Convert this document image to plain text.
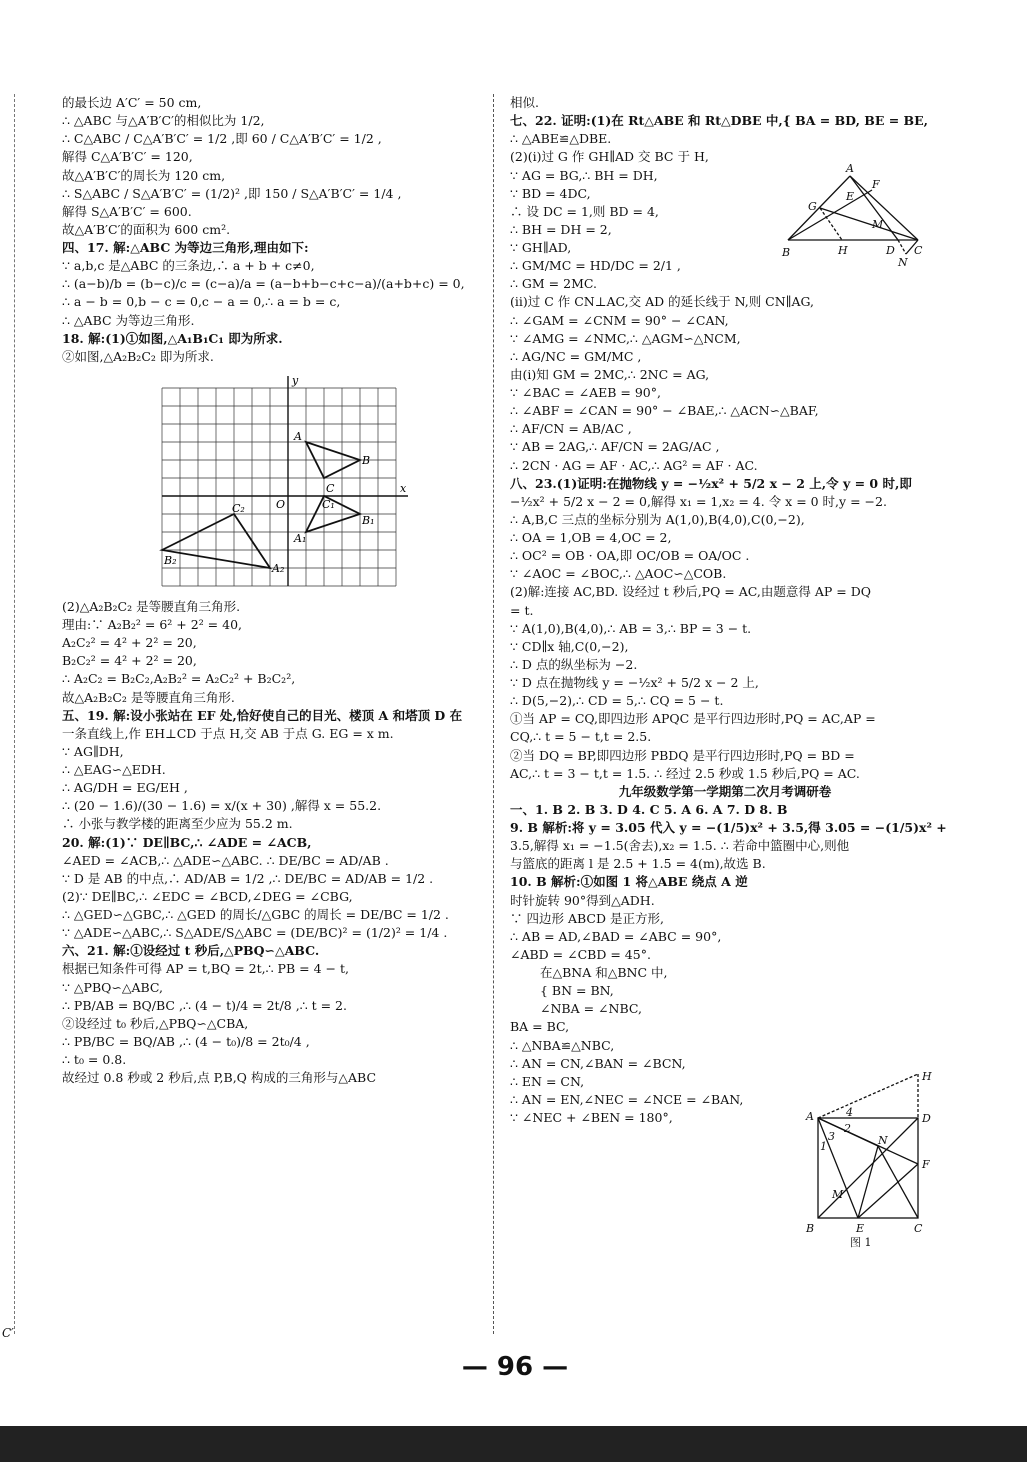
C′
的最长边 A′C′ = 50 cm,
∴ △ABC 与△A′B′C′的相似比为 1/2,
∴ C△ABC / C△A′B′C′ = 1/2 ,即 60 / C△A′B′C′ = 1/2 ,
解得 C△A′B′C′ = 120,
故△A′B′C′的周长为 120 cm,
∴ S△ABC / S△A′B′C′ = (1/2)² ,即 150 / S△A′B′C′ = 1/4 ,
解得 S△A′B′C′ = 600.
故△A′B′C′的面积为 600 cm².
四、17. 解:△ABC 为等边三角形,理由如下:
∵ a,b,c 是△ABC 的三条边,∴ a + b + c≠0,
∴ (a−b)/b = (b−c)/c = (c−a)/a = (a−b+b−c+c−a)/(a+b+c) = 0,
∴ a − b = 0,b − c = 0,c − a = 0,∴ a = b = c,
∴ △ABC 为等边三角形.
18. 解:(1)①如图,△A₁B₁C₁ 即为所求.
②如图,△A₂B₂C₂ 即为所求.
y
x
O
A
B
C
C₁
A₁
B₁
C₂
B₂
A₂
(2)△A₂B₂C₂ 是等腰直角三角形.
理由:∵ A₂B₂² = 6² + 2² = 40,
A₂C₂² = 4² + 2² = 20,
B₂C₂² = 4² + 2² = 20,
∴ A₂C₂ = B₂C₂,A₂B₂² = A₂C₂² + B₂C₂²,
故△A₂B₂C₂ 是等腰直角三角形.
五、19. 解:设小张站在 EF 处,恰好使自己的目光、楼顶 A 和塔顶 D 在
一条直线上,作 EH⊥CD 于点 H,交 AB 于点 G. EG = x m.
∵ AG∥DH,
∴ △EAG∽△EDH.
∴ AG/DH = EG/EH ,
∴ (20 − 1.6)/(30 − 1.6) = x/(x + 30) ,解得 x = 55.2.
∴ 小张与教学楼的距离至少应为 55.2 m.
20. 解:(1)∵ DE∥BC,∴ ∠ADE = ∠ACB,
∠AED = ∠ACB,∴ △ADE∽△ABC. ∴ DE/BC = AD/AB .
∵ D 是 AB 的中点,∴ AD/AB = 1/2 ,∴ DE/BC = AD/AB = 1/2 .
(2)∵ DE∥BC,∴ ∠EDC = ∠BCD,∠DEG = ∠CBG,
∴ △GED∽△GBC,∴ △GED 的周长/△GBC 的周长 = DE/BC = 1/2 .
∵ △ADE∽△ABC,∴ S△ADE/S△ABC = (DE/BC)² = (1/2)² = 1/4 .
六、21. 解:①设经过 t 秒后,△PBQ∽△ABC.
根据已知条件可得 AP = t,BQ = 2t,∴ PB = 4 − t,
∵ △PBQ∽△ABC,
∴ PB/AB = BQ/BC ,∴ (4 − t)/4 = 2t/8 ,∴ t = 2.
②设经过 t₀ 秒后,△PBQ∽△CBA,
∴ PB/BC = BQ/AB ,∴ (4 − t₀)/8 = 2t₀/4 ,
∴ t₀ = 0.8.
故经过 0.8 秒或 2 秒后,点 P,B,Q 构成的三角形与△ABC
相似.
七、22. 证明:(1)在 Rt△ABE 和 Rt△DBE 中,{ BA = BD, BE = BE,
∴ △ABE≌△DBE.
(2)(i)过 G 作 GH∥AD 交 BC 于 H,
∵ AG = BG,∴ BH = DH,
∵ BD = 4DC,
∴ 设 DC = 1,则 BD = 4,
∴ BH = DH = 2,
∵ GH∥AD,
∴ GM/MC = HD/DC = 2/1 ,
∴ GM = 2MC.
(ii)过 C 作 CN⊥AC,交 AD 的延长线于 N,则 CN∥AG,
∴ ∠GAM = ∠CNM = 90° − ∠CAN,
∵ ∠AMG = ∠NMC,∴ △AGM∽△NCM,
∴ AG/NC = GM/MC ,
由(i)知 GM = 2MC,∴ 2NC = AG,
∵ ∠BAC = ∠AEB = 90°,
∴ ∠ABF = ∠CAN = 90° − ∠BAE,∴ △ACN∽△BAF,
∴ AF/CN = AB/AC ,
∵ AB = 2AG,∴ AF/CN = 2AG/AC ,
∴ 2CN · AG = AF · AC,∴ AG² = AF · AC.
八、23.(1)证明:在抛物线 y = −½x² + 5/2 x − 2 上,令 y = 0 时,即
−½x² + 5/2 x − 2 = 0,解得 x₁ = 1,x₂ = 4. 令 x = 0 时,y = −2.
∴ A,B,C 三点的坐标分别为 A(1,0),B(4,0),C(0,−2),
∴ OA = 1,OB = 4,OC = 2,
∴ OC² = OB · OA,即 OC/OB = OA/OC .
∵ ∠AOC = ∠BOC,∴ △AOC∽△COB.
(2)解:连接 AC,BD. 设经过 t 秒后,PQ = AC,由题意得 AP = DQ
= t.
∵ A(1,0),B(4,0),∴ AB = 3,∴ BP = 3 − t.
∵ CD∥x 轴,C(0,−2),
∴ D 点的纵坐标为 −2.
∵ D 点在抛物线 y = −½x² + 5/2 x − 2 上,
∴ D(5,−2),∴ CD = 5,∴ CQ = 5 − t.
①当 AP = CQ,即四边形 APQC 是平行四边形时,PQ = AC,AP =
CQ,∴ t = 5 − t,t = 2.5.
②当 DQ = BP,即四边形 PBDQ 是平行四边形时,PQ = BD =
AC,∴ t = 3 − t,t = 1.5. ∴ 经过 2.5 秒或 1.5 秒后,PQ = AC.
九年级数学第一学期第二次月考调研卷
一、1. B 2. B 3. D 4. C 5. A 6. A 7. D 8. B
9. B 解析:将 y = 3.05 代入 y = −(1/5)x² + 3.5,得 3.05 = −(1/5)x² +
3.5,解得 x₁ = −1.5(舍去),x₂ = 1.5. ∴ 若命中篮圈中心,则他
与篮底的距离 l 是 2.5 + 1.5 = 4(m),故选 B.
10. B 解析:①如图 1 将△ABE 绕点 A 逆
时针旋转 90°得到△ADH.
∵ 四边形 ABCD 是正方形,
∴ AB = AD,∠BAD = ∠ABC = 90°,
∠ABD = ∠CBD = 45°.
在△BNA 和△BNC 中,
{ BN = BN,
∠NBA = ∠NBC,
BA = BC,
∴ △NBA≌△NBC,
∴ AN = CN,∠BAN = ∠BCN,
∴ EN = CN,
∴ AN = EN,∠NEC = ∠NCE = ∠BAN,
∵ ∠NEC + ∠BEN = 180°,
A
F
E
G
M
B	H	D C
N
H
A	4
2
3
1
D
N
F
M
B	E	C
图 1
— 96 —
